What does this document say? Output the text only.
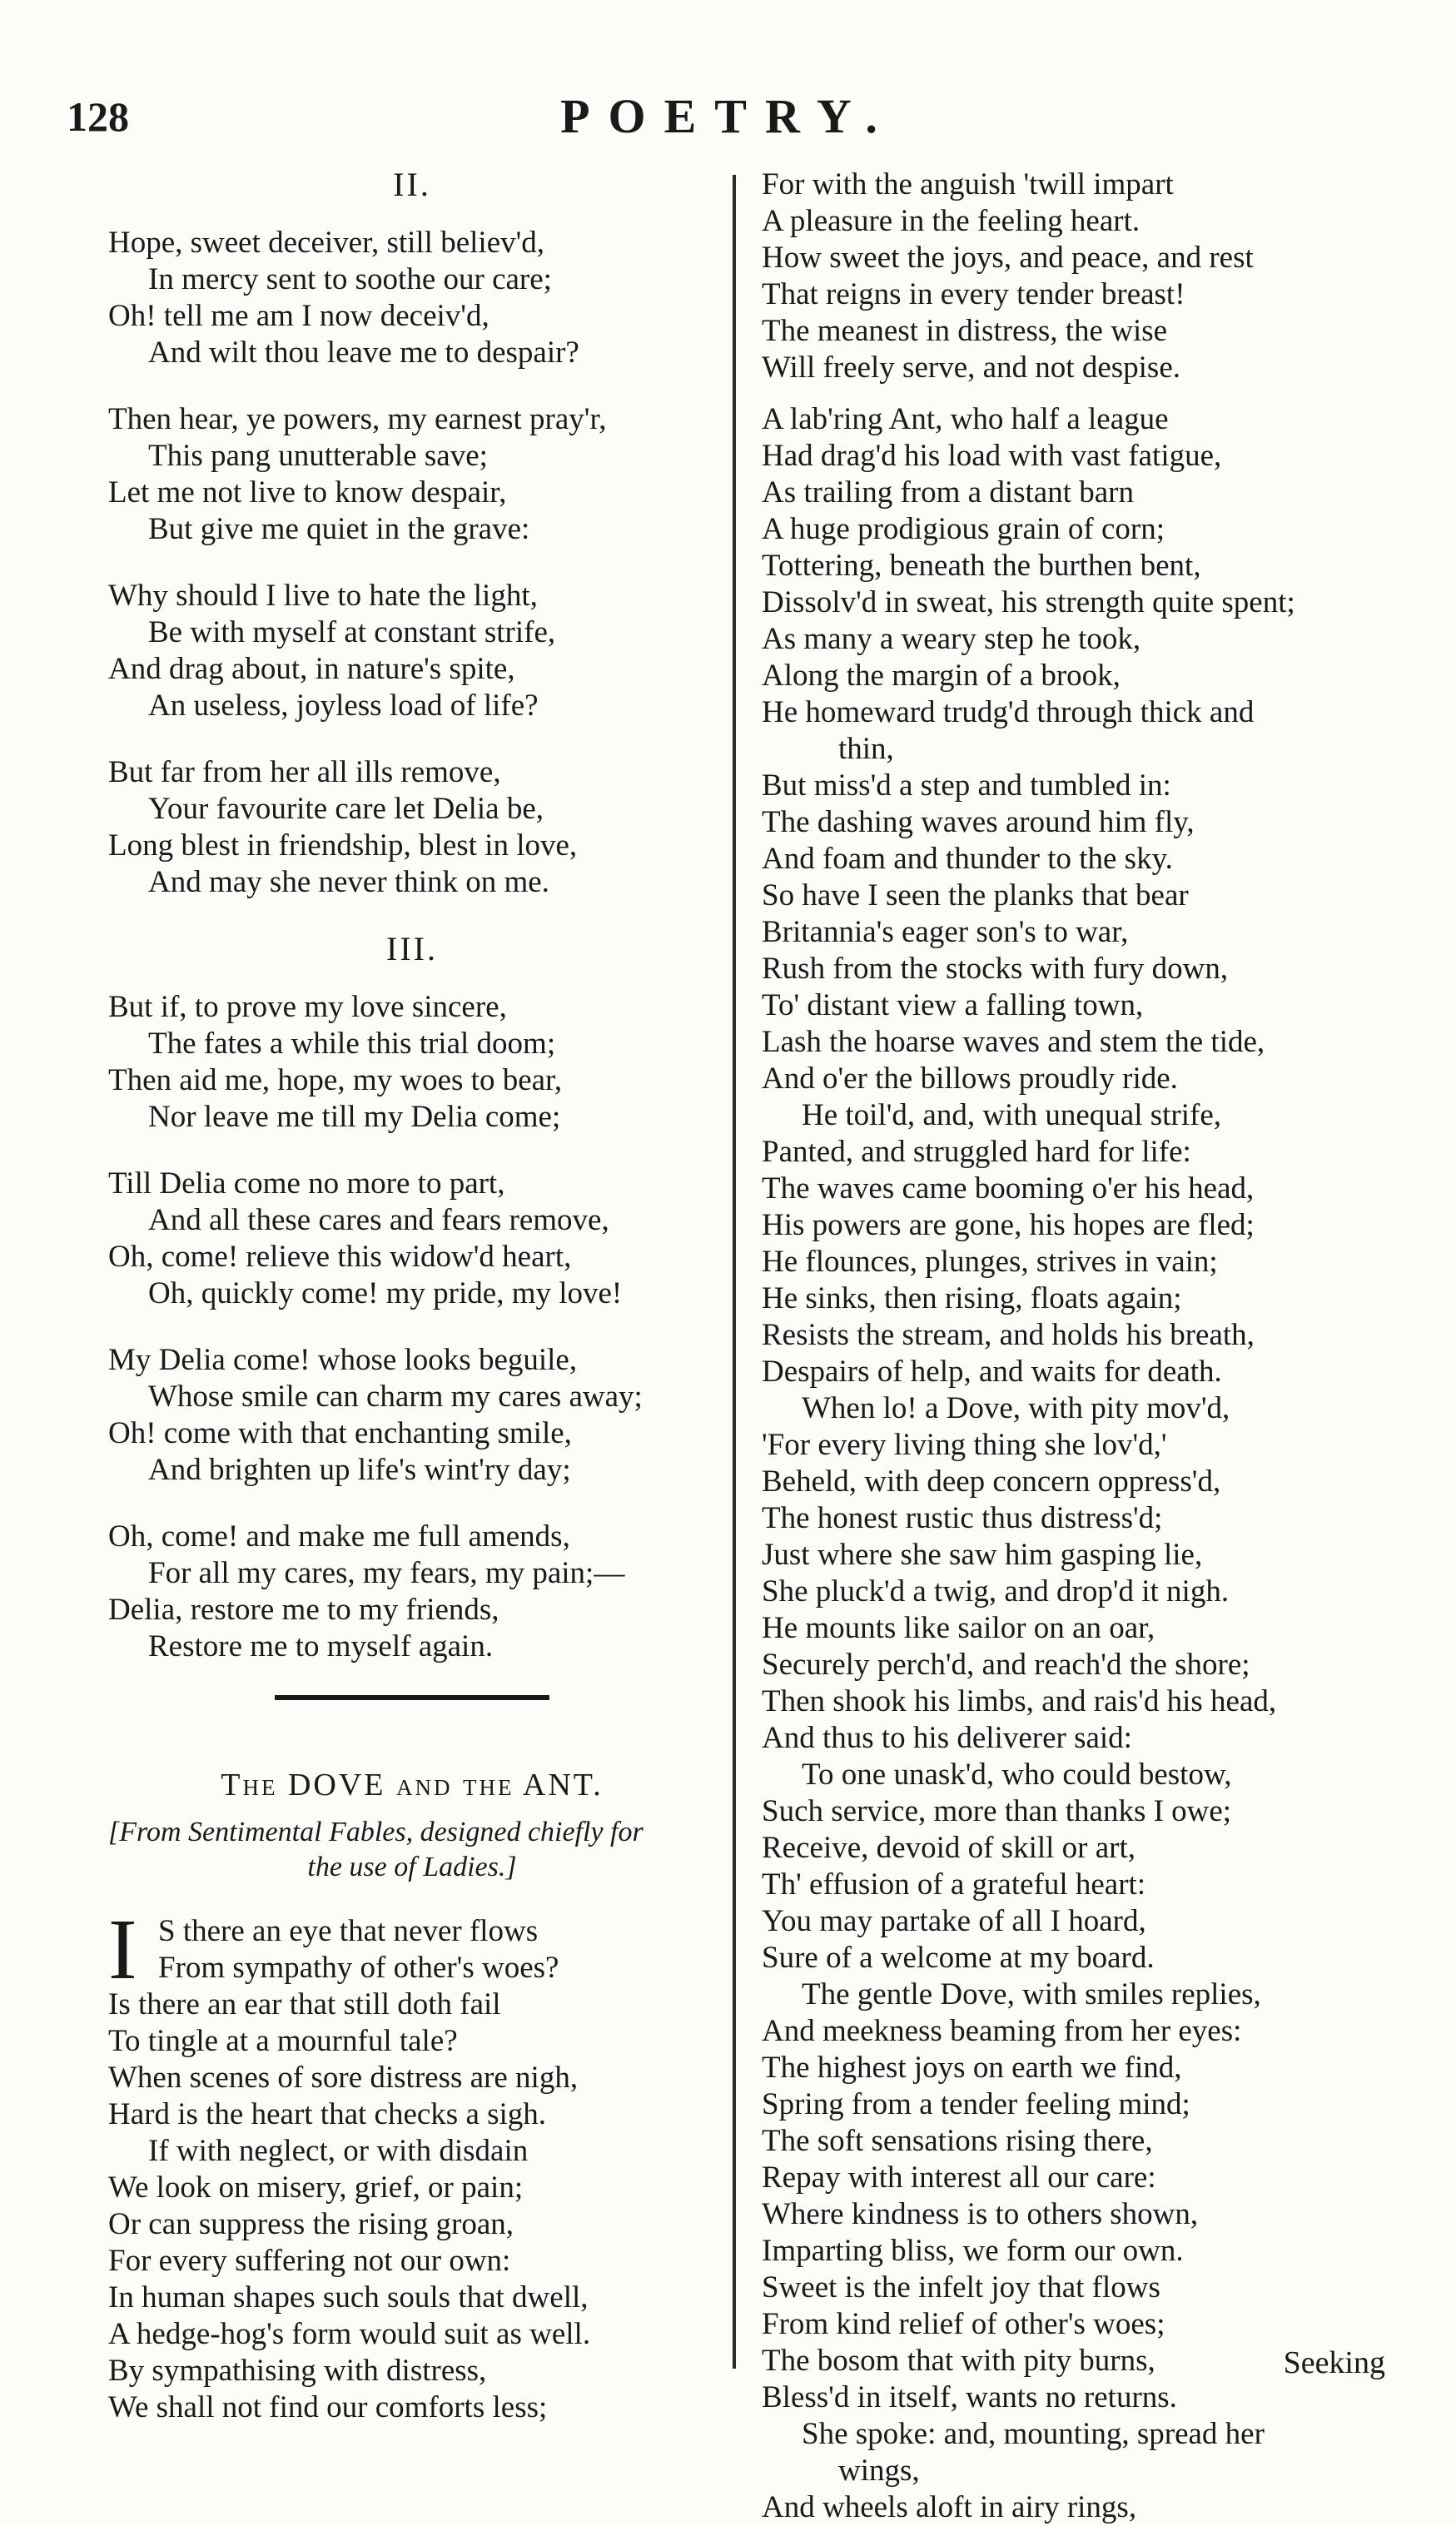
128	POETRY.
II.
Hope, sweet deceiver, still believ'd,
In mercy sent to soothe our care;
Oh! tell me am I now deceiv'd,
And wilt thou leave me to despair?
Then hear, ye powers, my earnest pray'r,
This pang unutterable save;
Let me not live to know despair,
But give me quiet in the grave:
Why should I live to hate the light,
Be with myself at constant strife,
And drag about, in nature's spite,
An useless, joyless load of life?
But far from her all ills remove,
Your favourite care let Delia be,
Long blest in friendship, blest in love,
And may she never think on me.
III.
But if, to prove my love sincere,
The fates a while this trial doom;
Then aid me, hope, my woes to bear,
Nor leave me till my Delia come;
Till Delia come no more to part,
And all these cares and fears remove,
Oh, come! relieve this widow'd heart,
Oh, quickly come! my pride, my love!
My Delia come! whose looks beguile,
Whose smile can charm my cares away;
Oh! come with that enchanting smile,
And brighten up life's wint'ry day;
Oh, come! and make me full amends,
For all my cares, my fears, my pain;—
Delia, restore me to my friends,
Restore me to myself again.
The DOVE and the ANT.
[From Sentimental Fables, designed chiefly for
the use of Ladies.]
I S there an eye that never flows
From sympathy of other's woes?
Is there an ear that still doth fail
To tingle at a mournful tale?
When scenes of sore distress are nigh,
Hard is the heart that checks a sigh.
If with neglect, or with disdain
We look on misery, grief, or pain;
Or can suppress the rising groan,
For every suffering not our own:
In human shapes such souls that dwell,
A hedge-hog's form would suit as well.
By sympathising with distress,
We shall not find our comforts less;
For with the anguish 'twill impart
A pleasure in the feeling heart.
How sweet the joys, and peace, and rest
That reigns in every tender breast!
The meanest in distress, the wise
Will freely serve, and not despise.
A lab'ring Ant, who half a league
Had drag'd his load with vast fatigue,
As trailing from a distant barn
A huge prodigious grain of corn;
Tottering, beneath the burthen bent,
Dissolv'd in sweat, his strength quite spent;
As many a weary step he took,
Along the margin of a brook,
He homeward trudg'd through thick and
thin,
But miss'd a step and tumbled in:
The dashing waves around him fly,
And foam and thunder to the sky.
So have I seen the planks that bear
Britannia's eager son's to war,
Rush from the stocks with fury down,
To' distant view a falling town,
Lash the hoarse waves and stem the tide,
And o'er the billows proudly ride.
He toil'd, and, with unequal strife,
Panted, and struggled hard for life:
The waves came booming o'er his head,
His powers are gone, his hopes are fled;
He flounces, plunges, strives in vain;
He sinks, then rising, floats again;
Resists the stream, and holds his breath,
Despairs of help, and waits for death.
When lo! a Dove, with pity mov'd,
'For every living thing she lov'd,'
Beheld, with deep concern oppress'd,
The honest rustic thus distress'd;
Just where she saw him gasping lie,
She pluck'd a twig, and drop'd it nigh.
He mounts like sailor on an oar,
Securely perch'd, and reach'd the shore;
Then shook his limbs, and rais'd his head,
And thus to his deliverer said:
To one unask'd, who could bestow,
Such service, more than thanks I owe;
Receive, devoid of skill or art,
Th' effusion of a grateful heart:
You may partake of all I hoard,
Sure of a welcome at my board.
The gentle Dove, with smiles replies,
And meekness beaming from her eyes:
The highest joys on earth we find,
Spring from a tender feeling mind;
The soft sensations rising there,
Repay with interest all our care:
Where kindness is to others shown,
Imparting bliss, we form our own.
Sweet is the infelt joy that flows
From kind relief of other's woes;
The bosom that with pity burns,
Bless'd in itself, wants no returns.
She spoke: and, mounting, spread her
wings,
And wheels aloft in airy rings,
Seeking
